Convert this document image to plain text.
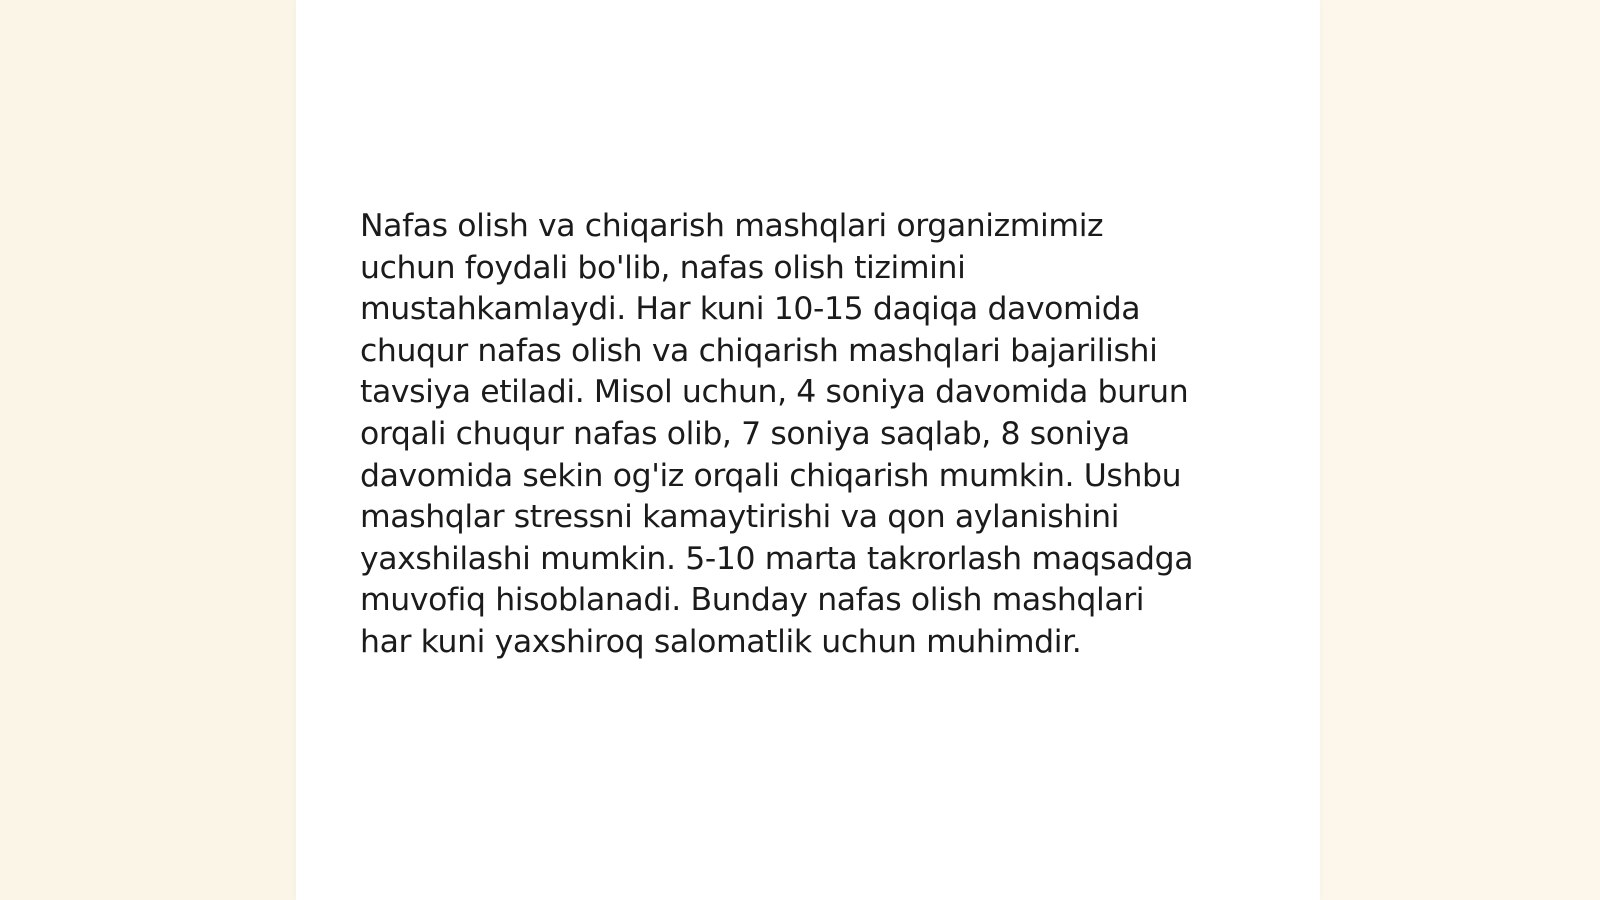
Nafas olish va chiqarish mashqlari organizmimiz
uchun foydali bo'lib, nafas olish tizimini
mustahkamlaydi. Har kuni 10-15 daqiqa davomida
chuqur nafas olish va chiqarish mashqlari bajarilishi
tavsiya etiladi. Misol uchun, 4 soniya davomida burun
orqali chuqur nafas olib, 7 soniya saqlab, 8 soniya
davomida sekin og'iz orqali chiqarish mumkin. Ushbu
mashqlar stressni kamaytirishi va qon aylanishini
yaxshilashi mumkin. 5-10 marta takrorlash maqsadga
muvofiq hisoblanadi. Bunday nafas olish mashqlari
har kuni yaxshiroq salomatlik uchun muhimdir.
